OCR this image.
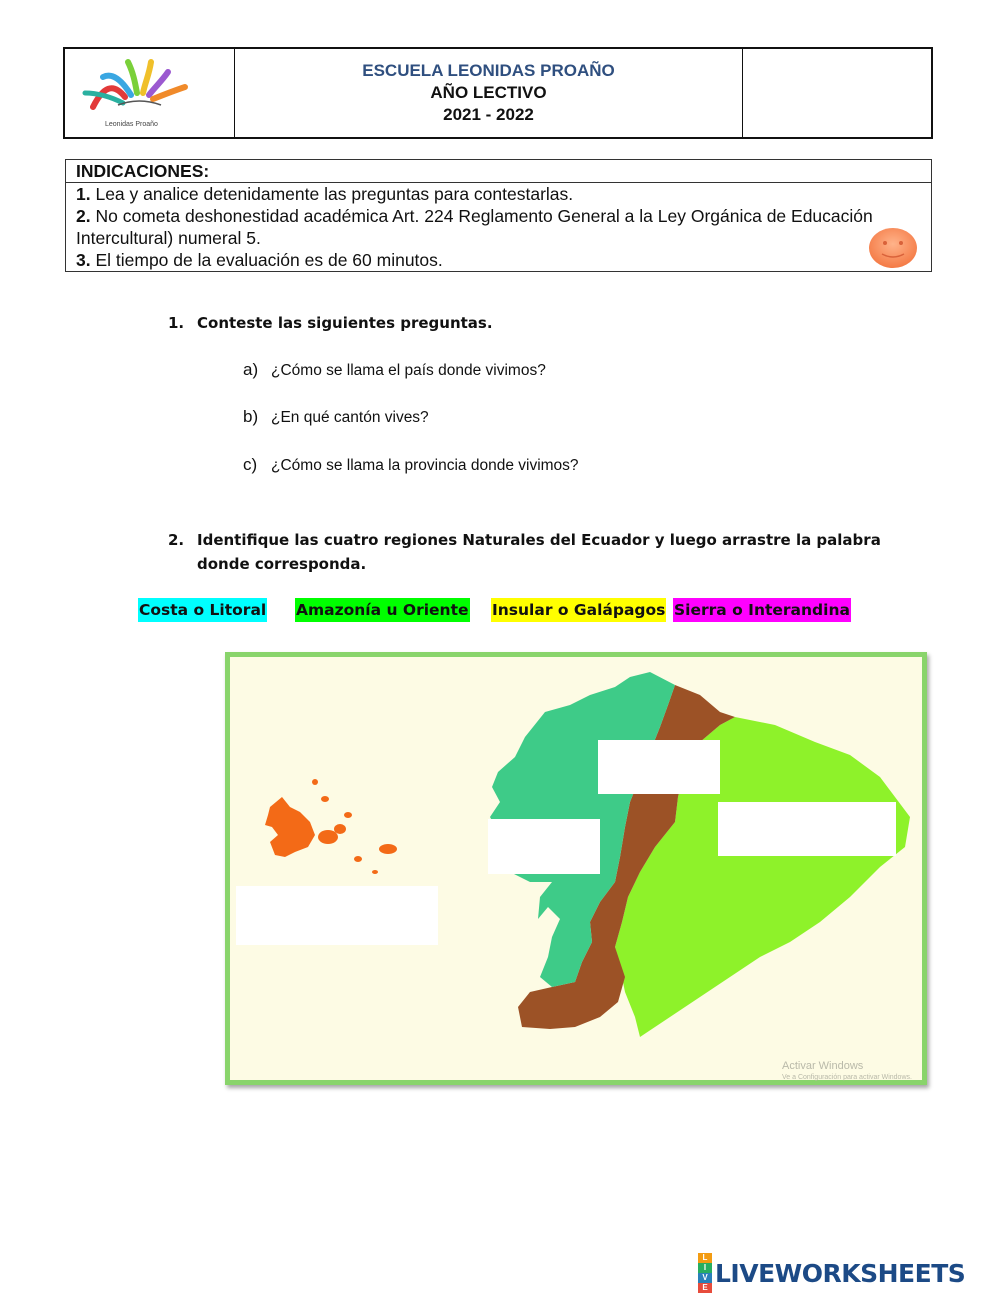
Leonidas Proaño
ESCUELA LEONIDAS PROAÑO
AÑO LECTIVO
2021 - 2022
INDICACIONES:
1. Lea y analice detenidamente las preguntas para contestarlas.
2. No cometa deshonestidad académica Art. 224 Reglamento General a la Ley Orgánica de Educación Intercultural) numeral 5.
3. El tiempo de la evaluación es de 60 minutos.
1. Conteste las siguientes preguntas.
a) ¿Cómo se llama el país donde vivimos?
b) ¿En qué cantón vives?
c) ¿Cómo se llama la provincia donde vivimos?
2. Identifique las cuatro regiones Naturales del Ecuador y luego arrastre la palabra
donde corresponda.
Costa o Litoral Amazonía u Oriente Insular o Galápagos Sierra o Interandina
Activar Windows
Ve a Configuración para activar Windows.
L
I
V
E LIVEWORKSHEETS
